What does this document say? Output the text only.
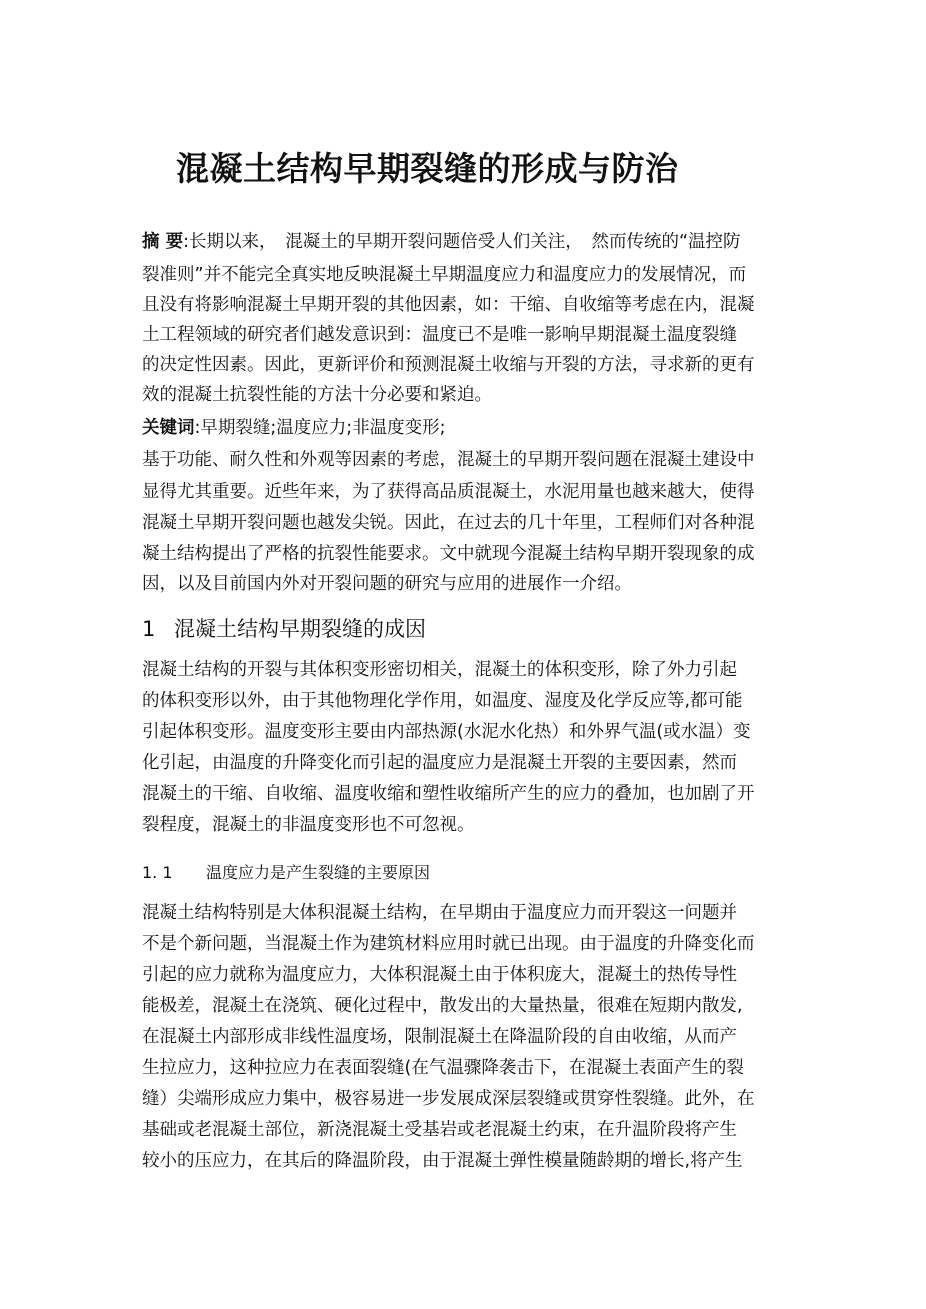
混凝土结构早期裂缝的形成与防治
摘 要:长期以来，　混凝土的早期开裂问题倍受人们关注，　然而传统的“温控防
裂准则”并不能完全真实地反映混凝土早期温度应力和温度应力的发展情况，而
且没有将影响混凝土早期开裂的其他因素，如：干缩、自收缩等考虑在内，混凝
土工程领域的研究者们越发意识到：温度已不是唯一影响早期混凝土温度裂缝
的决定性因素。因此，更新评价和预测混凝土收缩与开裂的方法，寻求新的更有
效的混凝土抗裂性能的方法十分必要和紧迫。
关键词:早期裂缝;温度应力;非温度变形;
基于功能、耐久性和外观等因素的考虑，混凝土的早期开裂问题在混凝土建设中
显得尤其重要。近些年来，为了获得高品质混凝土，水泥用量也越来越大，使得
混凝土早期开裂问题也越发尖锐。因此，在过去的几十年里，工程师们对各种混
凝土结构提出了严格的抗裂性能要求。文中就现今混凝土结构早期开裂现象的成
因，以及目前国内外对开裂问题的研究与应用的进展作一介绍。
1 混凝土结构早期裂缝的成因
混凝土结构的开裂与其体积变形密切相关，混凝土的体积变形，除了外力引起
的体积变形以外，由于其他物理化学作用，如温度、湿度及化学反应等,都可能
引起体积变形。温度变形主要由内部热源(水泥水化热）和外界气温(或水温）变
化引起，由温度的升降变化而引起的温度应力是混凝土开裂的主要因素，然而
混凝土的干缩、自收缩、温度收缩和塑性收缩所产生的应力的叠加，也加剧了开
裂程度，混凝土的非温度变形也不可忽视。
1. 1 温度应力是产生裂缝的主要原因
混凝土结构特别是大体积混凝土结构，在早期由于温度应力而开裂这一问题并
不是个新问题，当混凝土作为建筑材料应用时就已出现。由于温度的升降变化而
引起的应力就称为温度应力，大体积混凝土由于体积庞大，混凝土的热传导性
能极差，混凝土在浇筑、硬化过程中，散发出的大量热量，很难在短期内散发,
在混凝土内部形成非线性温度场，限制混凝土在降温阶段的自由收缩，从而产
生拉应力，这种拉应力在表面裂缝(在气温骤降袭击下，在混凝土表面产生的裂
缝）尖端形成应力集中，极容易进一步发展成深层裂缝或贯穿性裂缝。此外，在
基础或老混凝土部位，新浇混凝土受基岩或老混凝土约束，在升温阶段将产生
较小的压应力，在其后的降温阶段，由于混凝土弹性模量随龄期的增长,将产生
